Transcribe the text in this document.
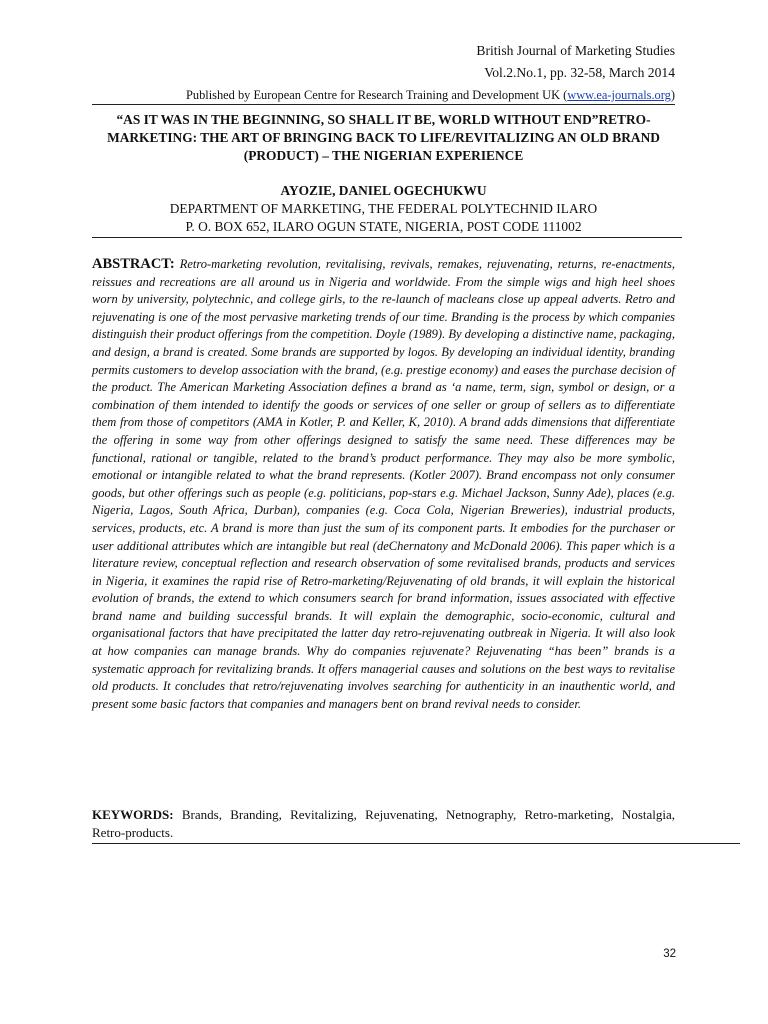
British Journal of Marketing Studies
Vol.2.No.1, pp. 32-58, March 2014
Published by European Centre for Research Training and Development UK (www.ea-journals.org)
“AS IT WAS IN THE BEGINNING, SO SHALL IT BE, WORLD WITHOUT END”RETRO-MARKETING: THE ART OF BRINGING BACK TO LIFE/REVITALIZING AN OLD BRAND (PRODUCT) – THE NIGERIAN EXPERIENCE
AYOZIE, DANIEL OGECHUKWU
DEPARTMENT OF MARKETING, THE FEDERAL POLYTECHNID ILARO
P. O. BOX 652, ILARO OGUN STATE, NIGERIA, POST CODE 111002
ABSTRACT: Retro-marketing revolution, revitalising, revivals, remakes, rejuvenating, returns, re-enactments, reissues and recreations are all around us in Nigeria and worldwide. From the simple wigs and high heel shoes worn by university, polytechnic, and college girls, to the re-launch of macleans close up appeal adverts. Retro and rejuvenating is one of the most pervasive marketing trends of our time. Branding is the process by which companies distinguish their product offerings from the competition. Doyle (1989). By developing a distinctive name, packaging, and design, a brand is created. Some brands are supported by logos. By developing an individual identity, branding permits customers to develop association with the brand, (e.g. prestige economy) and eases the purchase decision of the product. The American Marketing Association defines a brand as ‘a name, term, sign, symbol or design, or a combination of them intended to identify the goods or services of one seller or group of sellers as to differentiate them from those of competitors (AMA in Kotler, P. and Keller, K, 2010). A brand adds dimensions that differentiate the offering in some way from other offerings designed to satisfy the same need. These differences may be functional, rational or tangible, related to the brand’s product performance. They may also be more symbolic, emotional or intangible related to what the brand represents. (Kotler 2007). Brand encompass not only consumer goods, but other offerings such as people (e.g. politicians, pop-stars e.g. Michael Jackson, Sunny Ade), places (e.g. Nigeria, Lagos, South Africa, Durban), companies (e.g. Coca Cola, Nigerian Breweries), industrial products, services, products, etc. A brand is more than just the sum of its component parts. It embodies for the purchaser or user additional attributes which are intangible but real (deChernatony and McDonald 2006). This paper which is a literature review, conceptual reflection and research observation of some revitalised brands, products and services in Nigeria, it examines the rapid rise of Retro-marketing/Rejuvenating of old brands, it will explain the historical evolution of brands, the extend to which consumers search for brand information, issues associated with effective brand name and building successful brands. It will explain the demographic, socio-economic, cultural and organisational factors that have precipitated the latter day retro-rejuvenating outbreak in Nigeria. It will also look at how companies can manage brands. Why do companies rejuvenate? Rejuvenating “has been” brands is a systematic approach for revitalizing brands. It offers managerial causes and solutions on the best ways to revitalise old products. It concludes that retro/rejuvenating involves searching for authenticity in an inauthentic world, and present some basic factors that companies and managers bent on brand revival needs to consider.
KEYWORDS: Brands, Branding, Revitalizing, Rejuvenating, Netnography, Retro-marketing, Nostalgia, Retro-products.
32
